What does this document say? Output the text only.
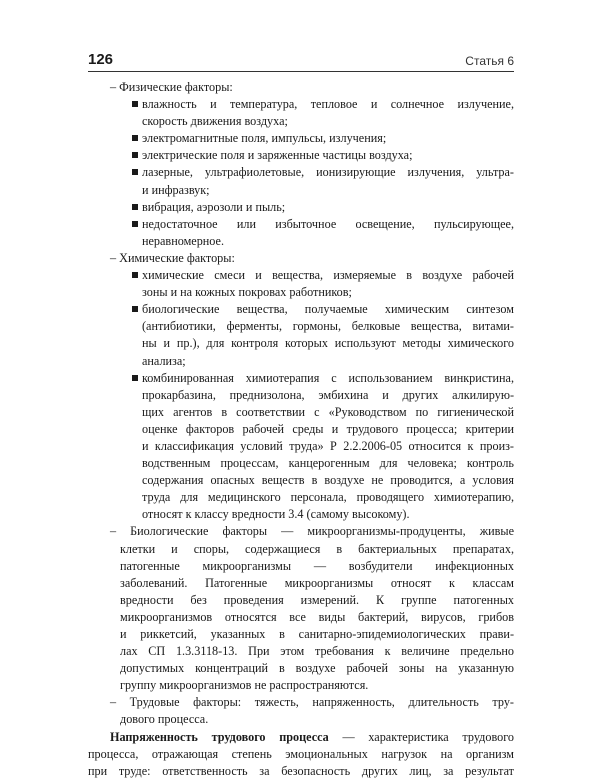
126	Статья 6
– Физические факторы:
влажность и температура, тепловое и солнечное излучение,
скорость движения воздуха;
электромагнитные поля, импульсы, излучения;
электрические поля и заряженные частицы воздуха;
лазерные, ультрафиолетовые, ионизирующие излучения, ультра-
и инфразвук;
вибрация, аэрозоли и пыль;
недостаточное или избыточное освещение, пульсирующее,
неравномерное.
– Химические факторы:
химические смеси и вещества, измеряемые в воздухе рабочей
зоны и на кожных покровах работников;
биологические вещества, получаемые химическим синтезом
(антибиотики, ферменты, гормоны, белковые вещества, витами-
ны и пр.), для контроля которых используют методы химического
анализа;
комбинированная химиотерапия с использованием винкристина,
прокарбазина, преднизолона, эмбихина и других алкилирую-
щих агентов в соответствии с «Руководством по гигиенической
оценке факторов рабочей среды и трудового процесса; критерии
и классификация условий труда» Р 2.2.2006-05 относится к произ-
водственным процессам, канцерогенным для человека; контроль
содержания опасных веществ в воздухе не проводится, а условия
труда для медицинского персонала, проводящего химиотерапию,
относят к классу вредности 3.4 (самому высокому).
– Биологические факторы — микроорганизмы-продуценты, живые
клетки и споры, содержащиеся в бактериальных препаратах,
патогенные микроорганизмы — возбудители инфекционных
заболеваний. Патогенные микроорганизмы относят к классам
вредности без проведения измерений. К группе патогенных
микроорганизмов относятся все виды бактерий, вирусов, грибов
и риккетсий, указанных в санитарно-эпидемиологических прави-
лах СП 1.3.3118-13. При этом требования к величине предельно
допустимых концентраций в воздухе рабочей зоны на указанную
группу микроорганизмов не распространяются.
– Трудовые факторы: тяжесть, напряженность, длительность тру-
дового процесса.
Напряженность трудового процесса — характеристика трудового
процесса, отражающая степень эмоциональных нагрузок на организм
при труде: ответственность за безопасность других лиц, за результат
